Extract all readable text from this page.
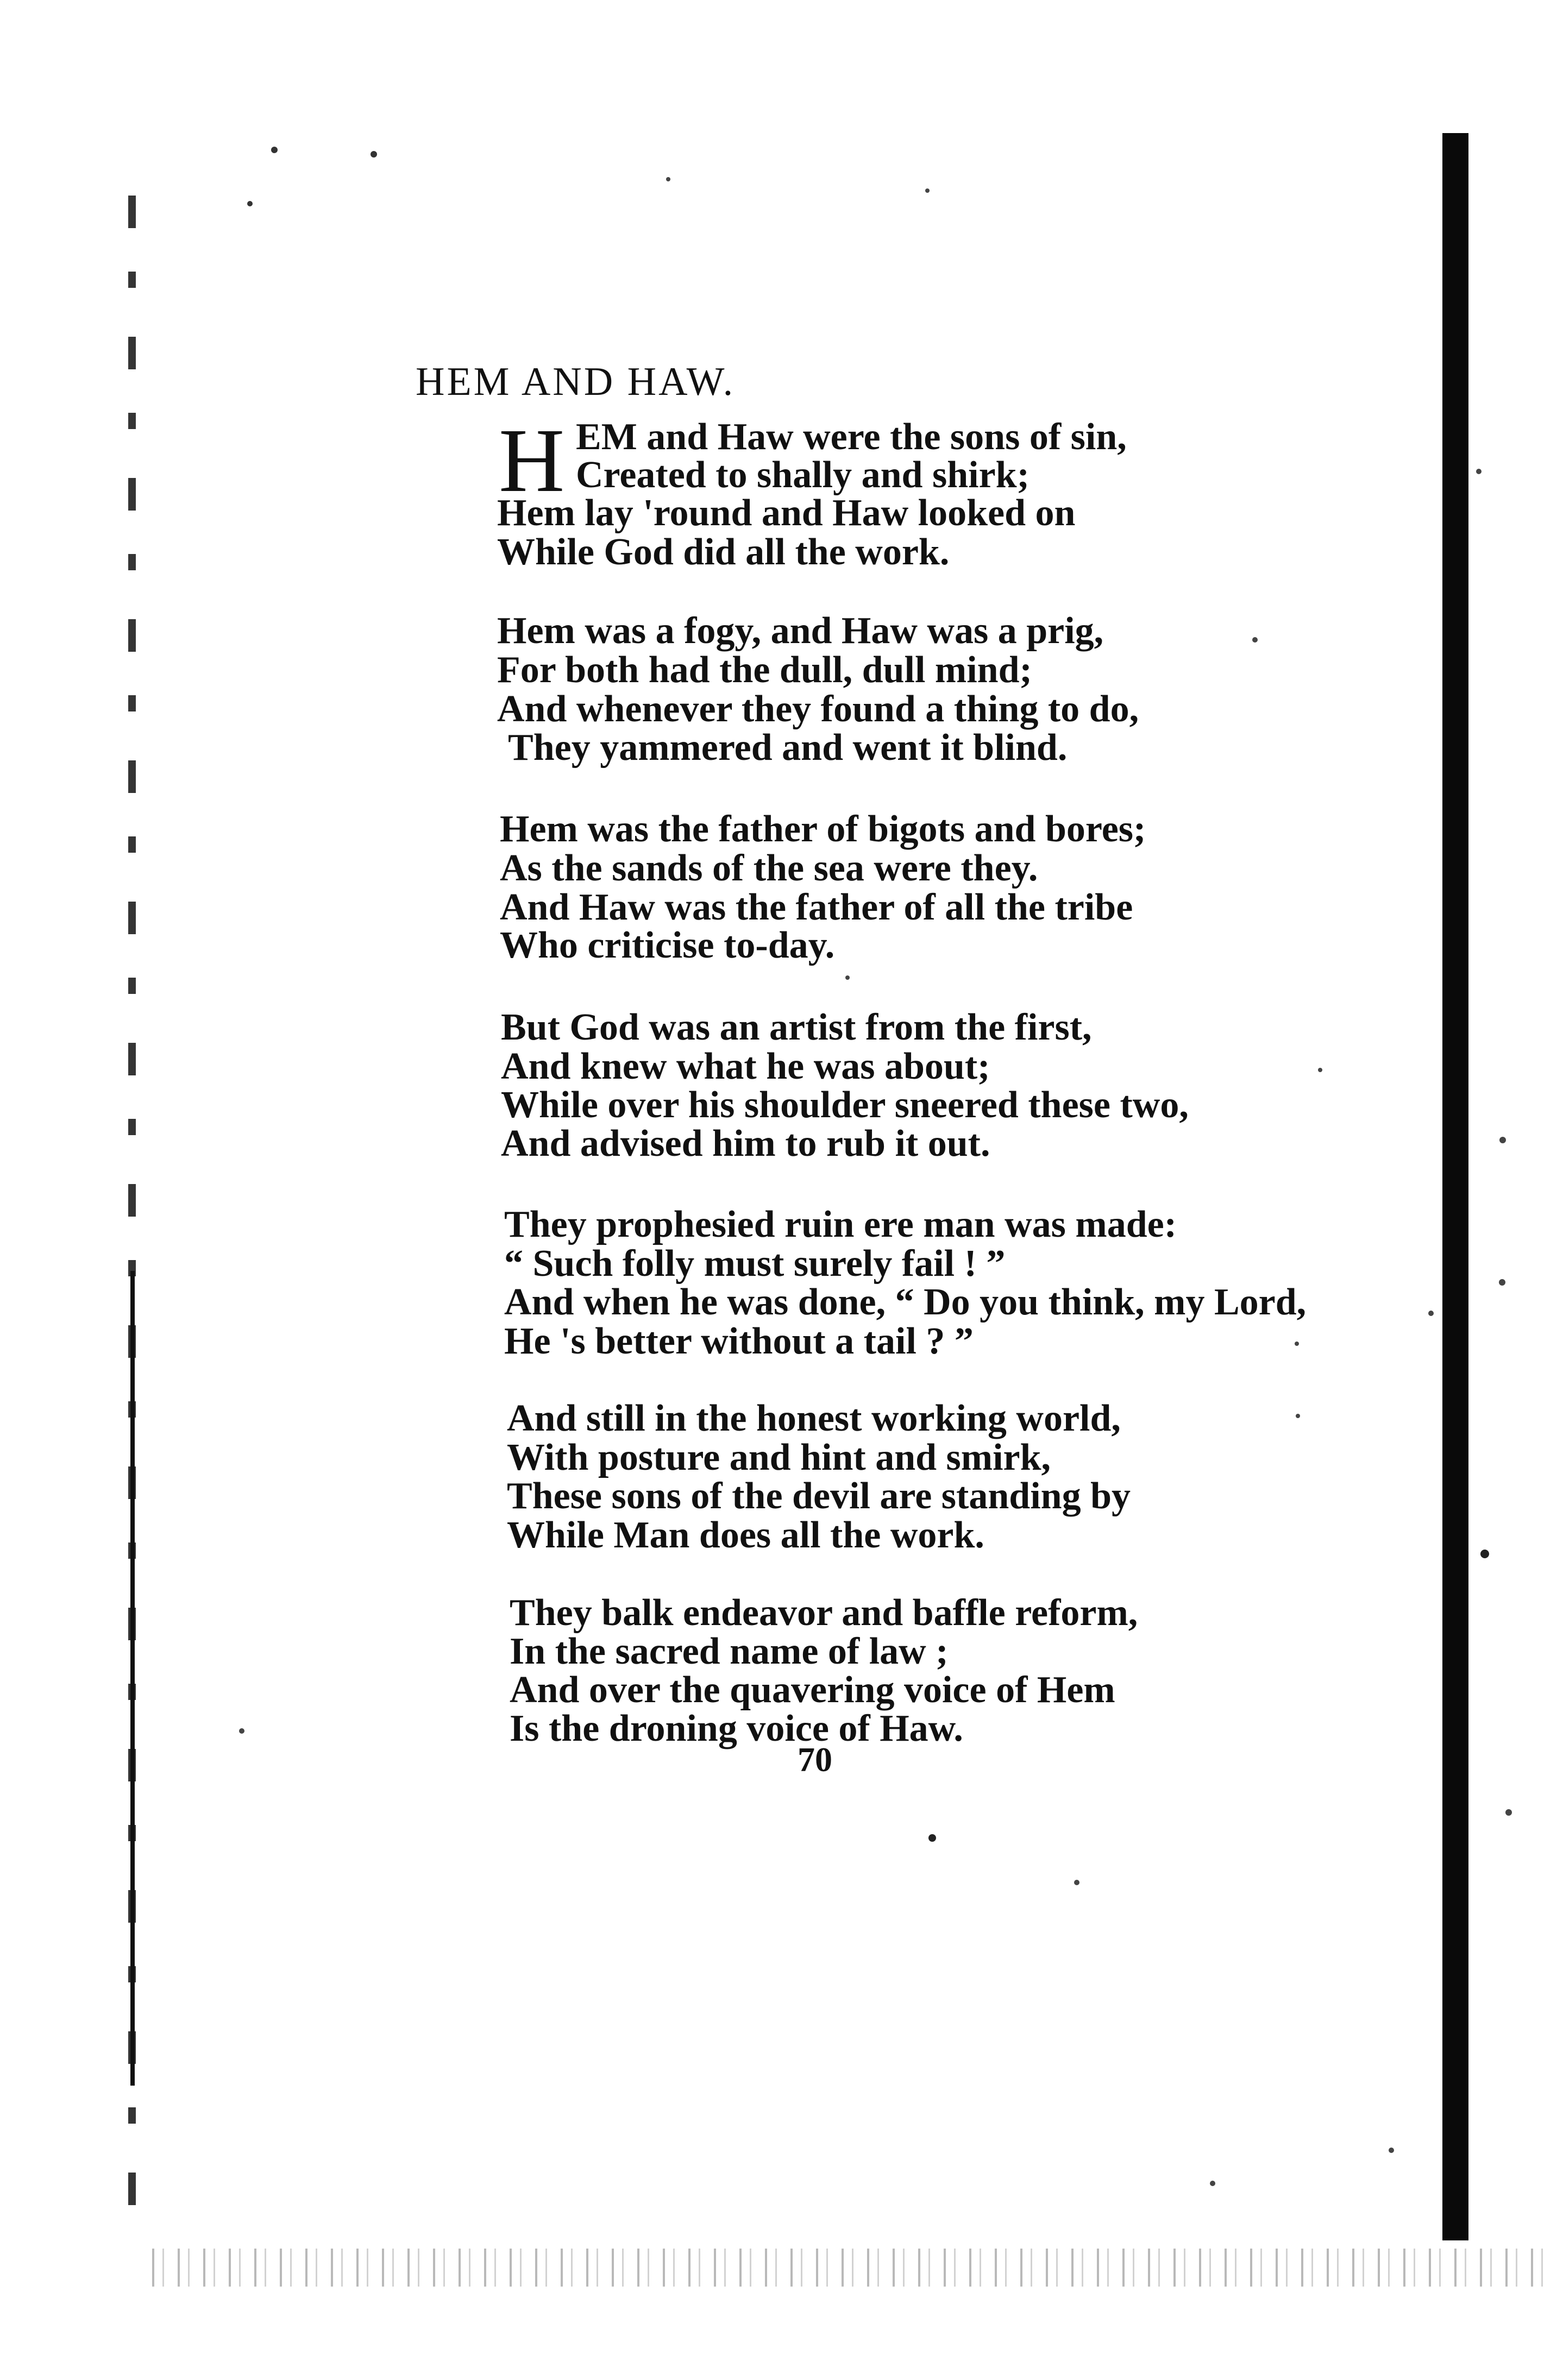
HEM AND HAW.
H EM and Haw were the sons of sin,
Created to shally and shirk;
Hem lay 'round and Haw looked on
While God did all the work.
Hem was a fogy, and Haw was a prig,
For both had the dull, dull mind;
And whenever they found a thing to do,
They yammered and went it blind.
Hem was the father of bigots and bores;
As the sands of the sea were they.
And Haw was the father of all the tribe
Who criticise to-day.
But God was an artist from the first,
And knew what he was about;
While over his shoulder sneered these two,
And advised him to rub it out.
They prophesied ruin ere man was made:
“ Such folly must surely fail ! ”
And when he was done, “ Do you think, my Lord,
He 's better without a tail ? ”
And still in the honest working world,
With posture and hint and smirk,
These sons of the devil are standing by
While Man does all the work.
They balk endeavor and baffle reform,
In the sacred name of law ;
And over the quavering voice of Hem
Is the droning voice of Haw.
70
